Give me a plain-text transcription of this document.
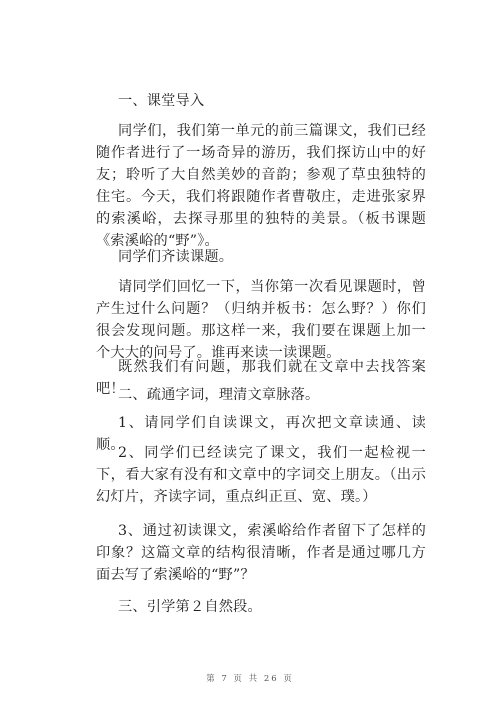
一、课堂导入

同学们，我们第一单元的前三篇课文，我们已经随作者进行了一场奇异的游历，我们探访山中的好友；聆听了大自然美妙的音韵；参观了草虫独特的住宅。今天，我们将跟随作者曹敬庄，走进张家界的索溪峪，去探寻那里的独特的美景。（板书课题《索溪峪的“野”》。

同学们齐读课题。

请同学们回忆一下，当你第一次看见课题时，曾产生过什么问题？（归纳并板书：怎么野？）你们很会发现问题。那这样一来，我们要在课题上加一个大大的问号了。谁再来读一读课题。

既然我们有问题，那我们就在文章中去找答案吧！

二、疏通字词，理清文章脉落。

1、请同学们自读课文，再次把文章读通、读顺。

2、同学们已经读完了课文，我们一起检视一下，看大家有没有和文章中的字词交上朋友。（出示幻灯片，齐读字词，重点纠正亘、宽、璞。）

3、通过初读课文，索溪峪给作者留下了怎样的印象？这篇文章的结构很清晰，作者是通过哪几方面去写了索溪峪的“野”？

三、引学第２自然段。

第 7 页 共 26 页
